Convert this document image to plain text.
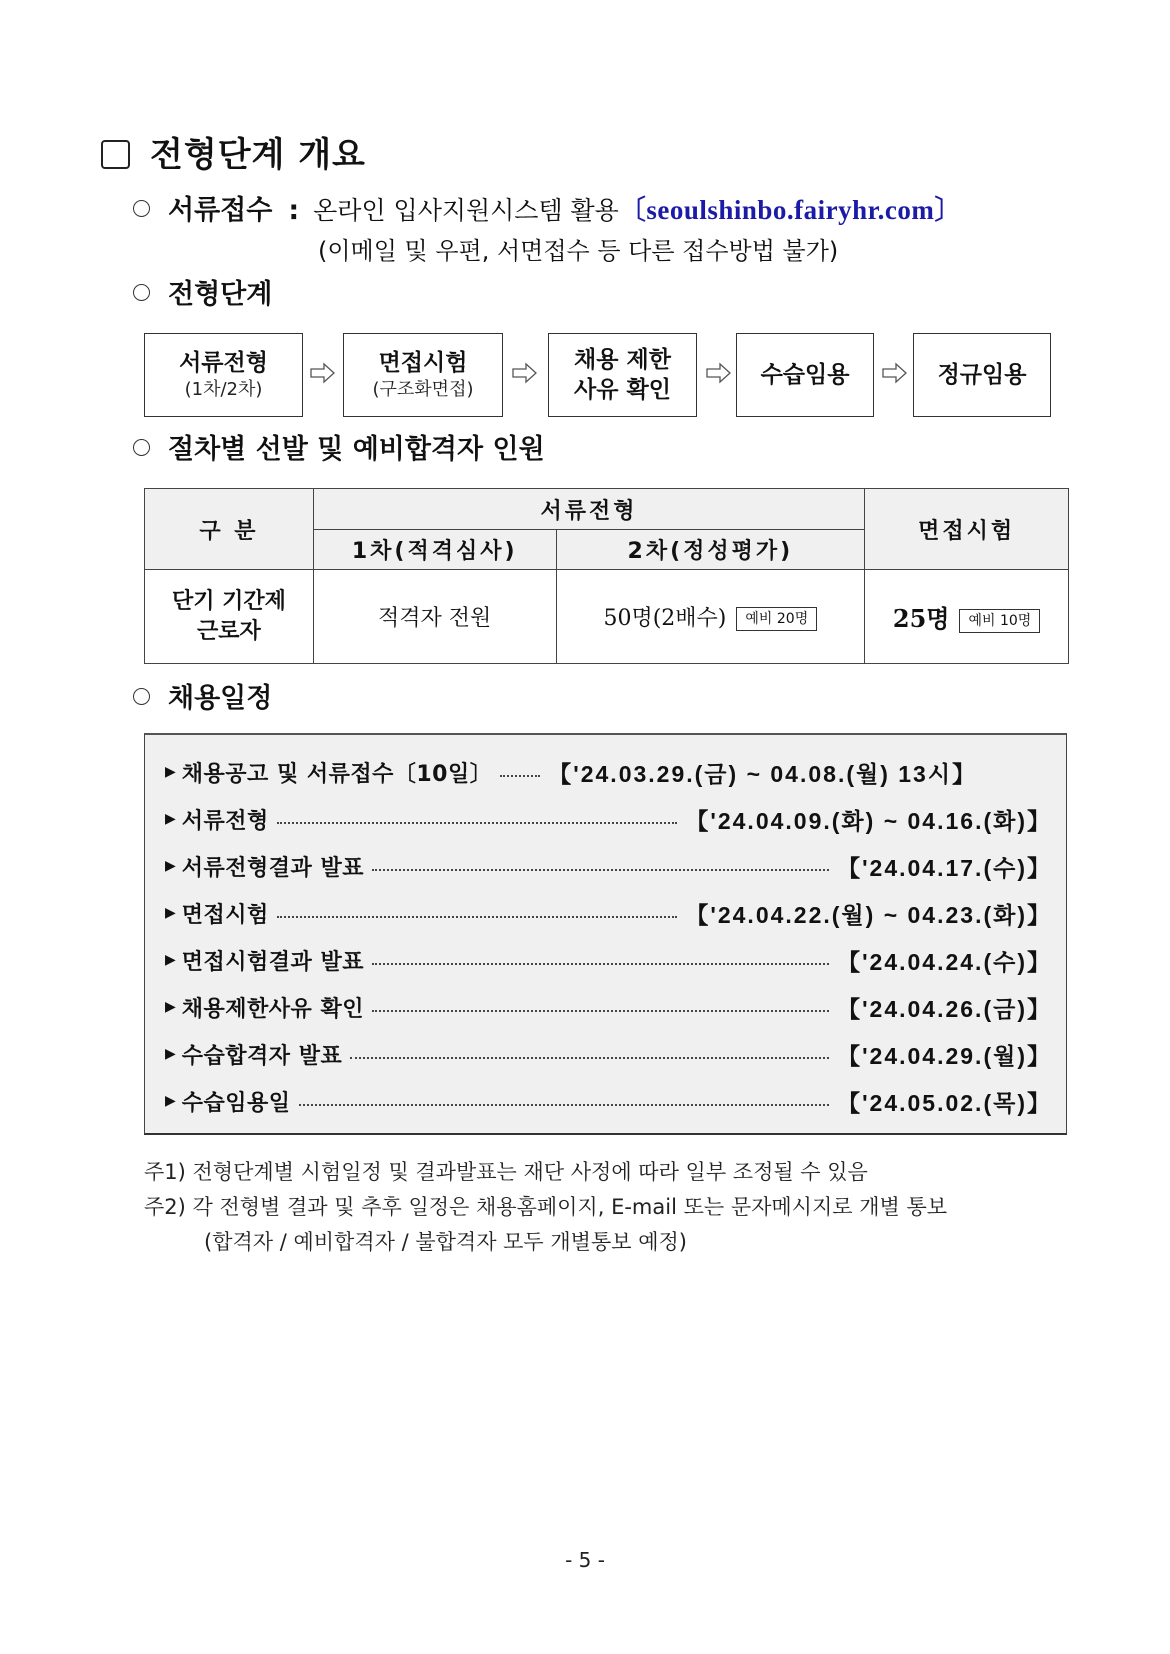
전형단계 개요
서류접수 : 온라인 입사지원시스템 활용〔seoulshinbo.fairyhr.com〕
(이메일 및 우편, 서면접수 등 다른 접수방법 불가)
전형단계
서류전형
(1차/2차)
면접시험
(구조화면접)
채용 제한
사유 확인
수습임용	정규임용
절차별 선발 및 예비합격자 인원
구 분	서류전형		면접시험
	1차(적격심사)	2차(정성평가)	

단기 기간제
근로자	적격자 전원	50명(2배수) 예비 20명	25명 예비 10명
채용일정
▶ 채용공고 및 서류접수〔10일〕 【'24.03.29.(금) ~ 04.08.(월) 13시】
▶ 서류전형	【'24.04.09.(화) ~ 04.16.(화)】
▶ 서류전형결과 발표	【'24.04.17.(수)】
▶ 면접시험	【'24.04.22.(월) ~ 04.23.(화)】
▶ 면접시험결과 발표	【'24.04.24.(수)】
▶ 채용제한사유 확인	【'24.04.26.(금)】
▶ 수습합격자 발표	【'24.04.29.(월)】
▶ 수습임용일	【'24.05.02.(목)】
주1) 전형단계별 시험일정 및 결과발표는 재단 사정에 따라 일부 조정될 수 있음
주2) 각 전형별 결과 및 추후 일정은 채용홈페이지, E-mail 또는 문자메시지로 개별 통보
(합격자 / 예비합격자 / 불합격자 모두 개별통보 예정)
- 5 -
